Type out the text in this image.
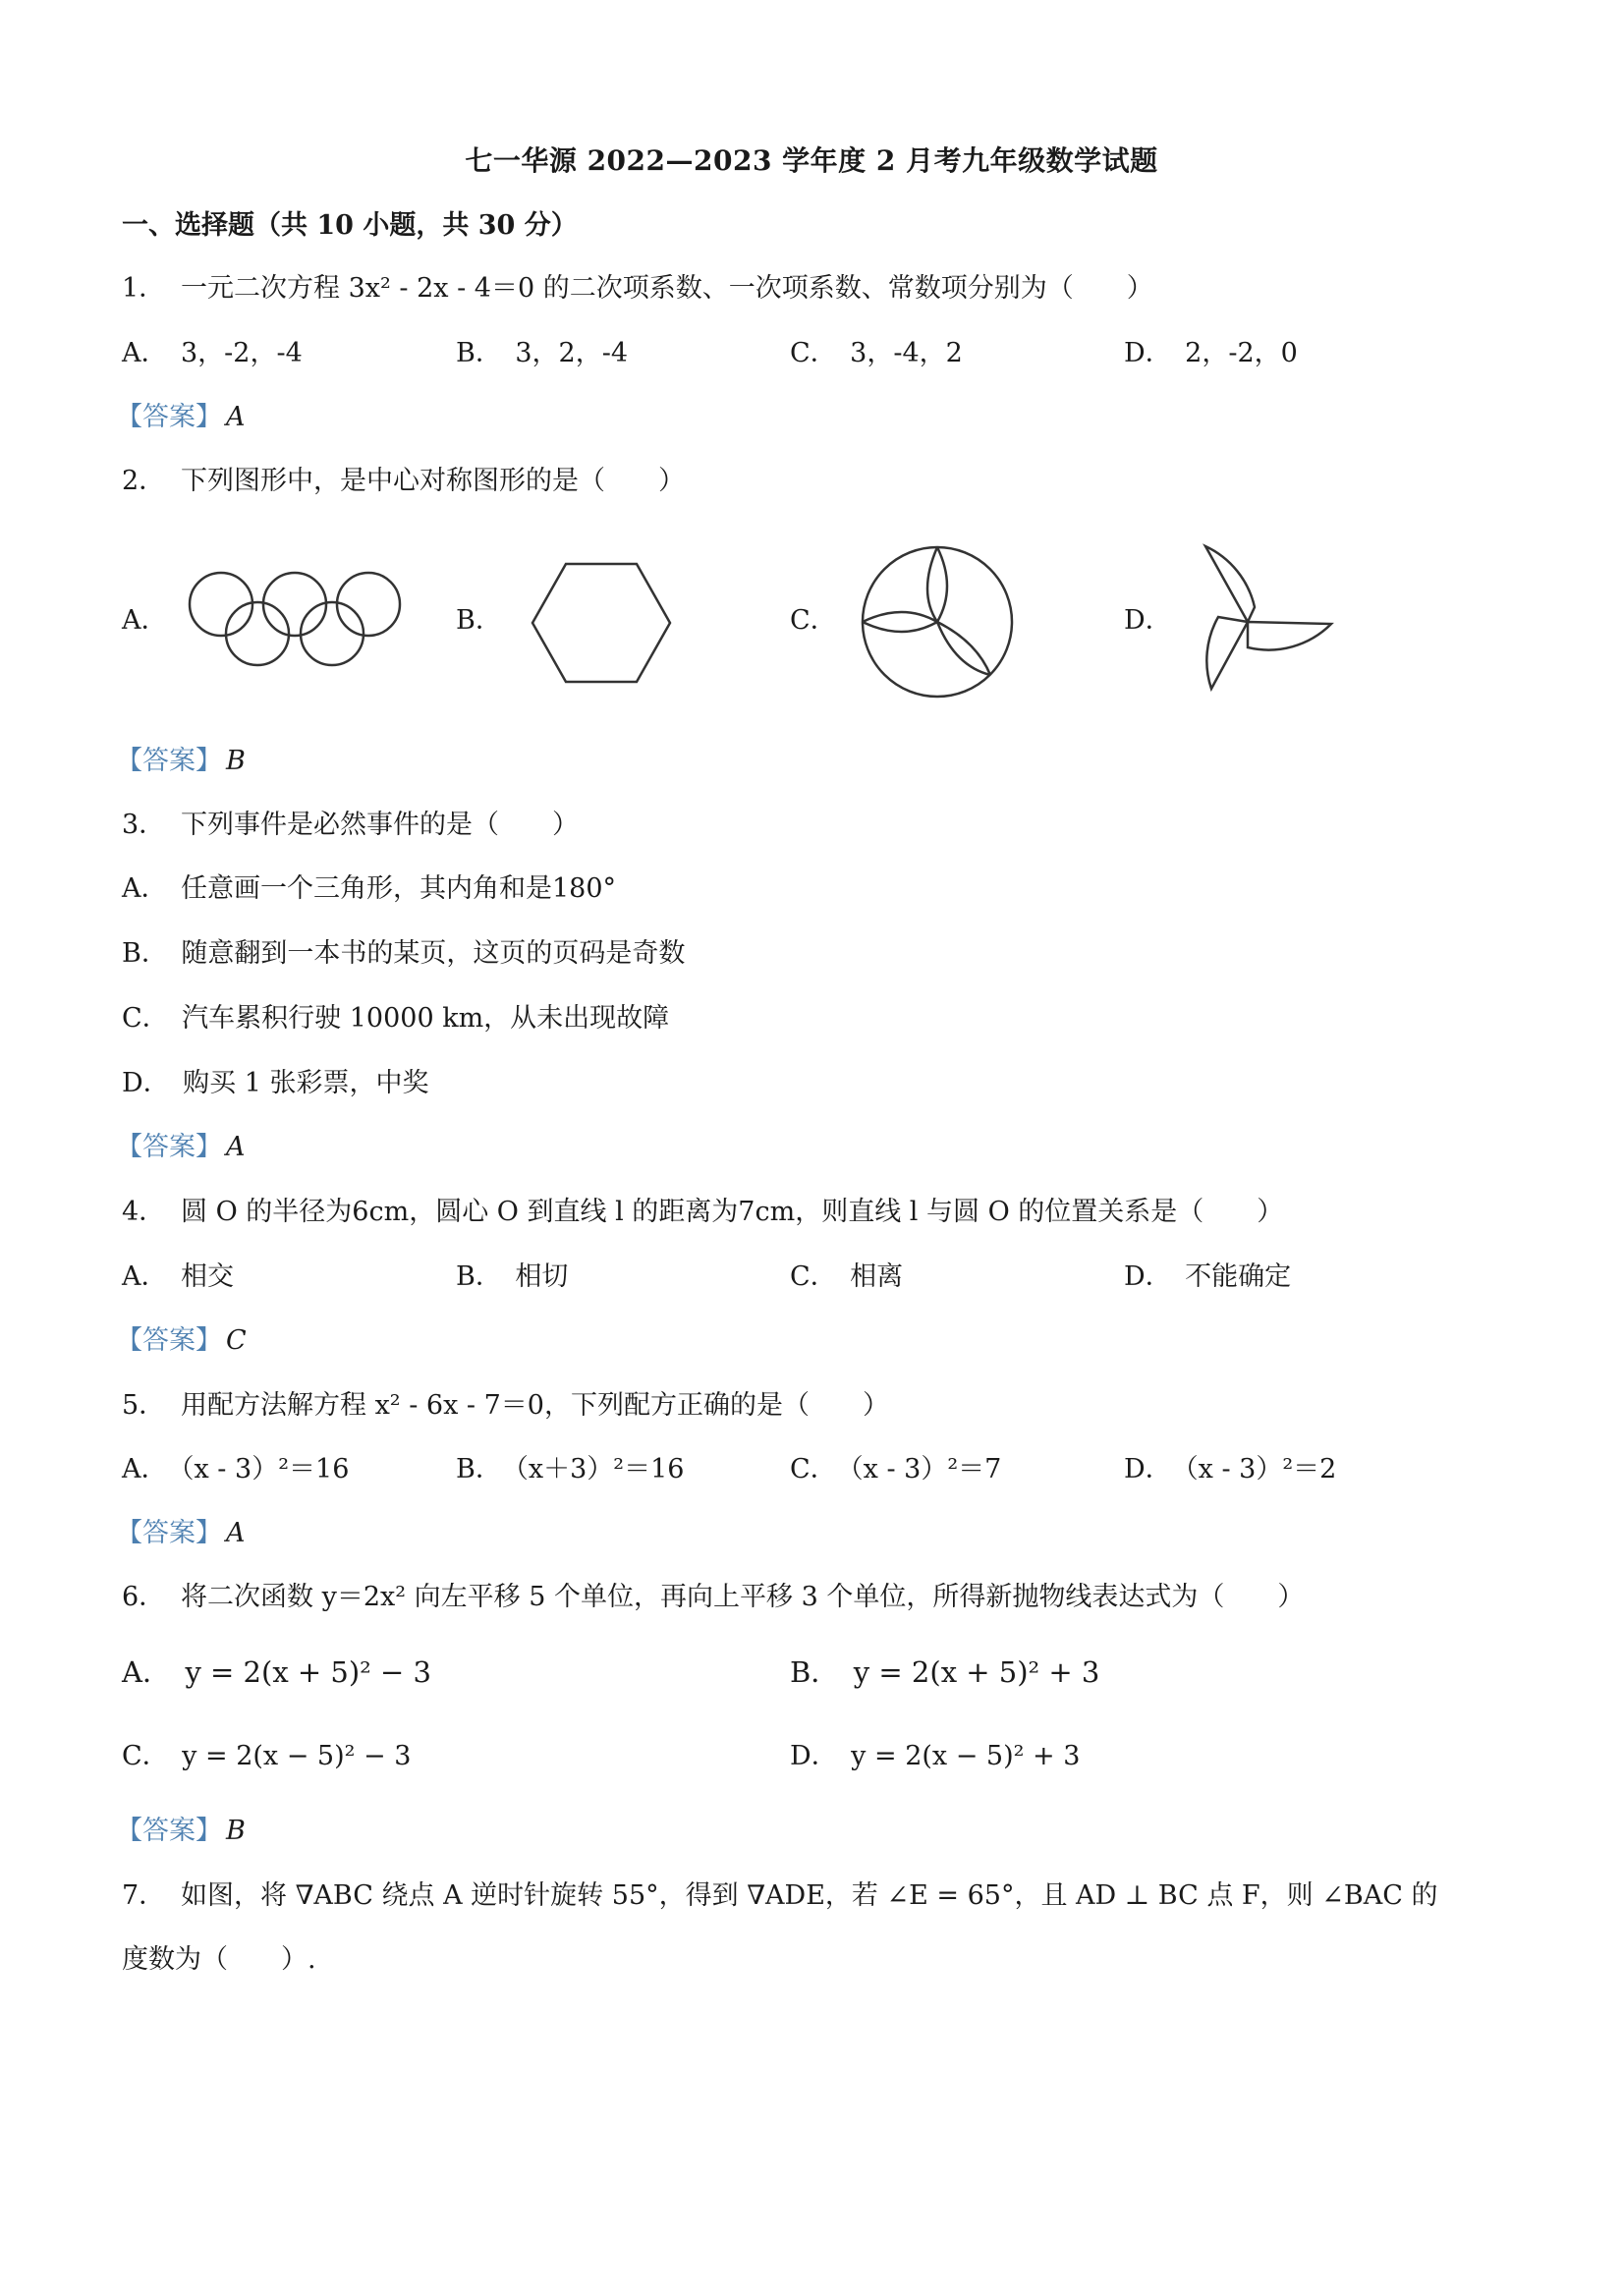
七一华源 2022—2023 学年度 2 月考九年级数学试题
一、选择题（共 10 小题，共 30 分）
1． 一元二次方程 3x² - 2x - 4＝0 的二次项系数、一次项系数、常数项分别为（　　）
A．　3，-2，-4	B．　3，2，-4	C．　3，-4，2	D．　2，-2，0
【答案】 A
2． 下列图形中，是中心对称图形的是（　　）
A．	B．	C．	D．
【答案】 B
3． 下列事件是必然事件的是（　　）
A．　任意画一个三角形，其内角和是180°
B．　随意翻到一本书的某页，这页的页码是奇数
C．　汽车累积行驶 10000 km，从未出现故障
D．　购买 1 张彩票，中奖
【答案】 A
4． 圆 O 的半径为6cm，圆心 O 到直线 l 的距离为7cm，则直线 l 与圆 O 的位置关系是（　　）
A．　相交	B．　相切	C．　相离	D．　不能确定
【答案】 C
5． 用配方法解方程 x² - 6x - 7＝0，下列配方正确的是（　　）
A．　（x - 3）²＝16	B．　（x＋3）²＝16	C．　（x - 3）²＝7	D．　（x - 3）²＝2
【答案】 A
6． 将二次函数 y＝2x² 向左平移 5 个单位，再向上平移 3 个单位，所得新抛物线表达式为（　　）
A．　y = 2(x + 5)² − 3	B．　y = 2(x + 5)² + 3
C．　y = 2(x − 5)² − 3	D．　y = 2(x − 5)² + 3
【答案】 B
7． 如图，将 ∇ABC 绕点 A 逆时针旋转 55°，得到 ∇ADE，若 ∠E = 65°，且 AD ⊥ BC 点 F，则 ∠BAC 的
度数为（　　）.
